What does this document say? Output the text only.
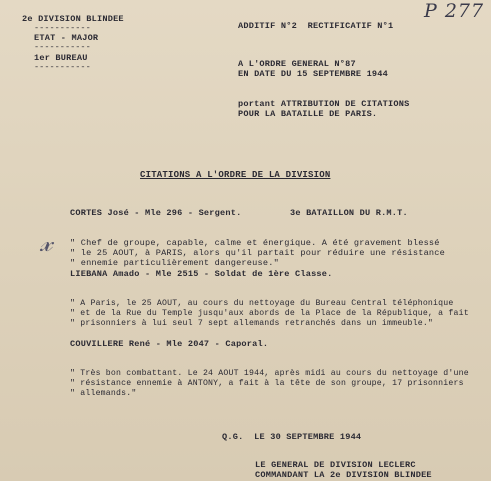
2e DIVISION BLINDEE
-----------
ETAT - MAJOR
-----------
1er BUREAU
-----------
P 277
ADDITIF N°2  RECTIFICATIF N°1
A L'ORDRE GENERAL N°87
EN DATE DU 15 SEPTEMBRE 1944
portant ATTRIBUTION DE CITATIONS
POUR LA BATAILLE DE PARIS.
CITATIONS A L'ORDRE DE LA DIVISION
𝓍
CORTES José - Mle 296 - Sergent.	3e BATAILLON DU R.M.T.
" Chef de groupe, capable, calme et énergique. A été gravement blessé
" le 25 AOUT, à PARIS, alors qu'il partait pour réduire une résistance
" ennemie particulièrement dangereuse."
LIEBANA Amado - Mle 2515 - Soldat de 1ère Classe.
" A Paris, le 25 AOUT, au cours du nettoyage du Bureau Central téléphonique
" et de la Rue du Temple jusqu'aux abords de la Place de la République, a fait
" prisonniers à lui seul 7 sept allemands retranchés dans un immeuble."
COUVILLERE René - Mle 2047 - Caporal.
" Très bon combattant. Le 24 AOUT 1944, après midi au cours du nettoyage d'une
" résistance ennemie à ANTONY, a fait à la tête de son groupe, 17 prisonniers
" allemands."
Q.G.  LE 30 SEPTEMBRE 1944
LE GENERAL DE DIVISION LECLERC
COMMANDANT LA 2e DIVISION BLINDEE
